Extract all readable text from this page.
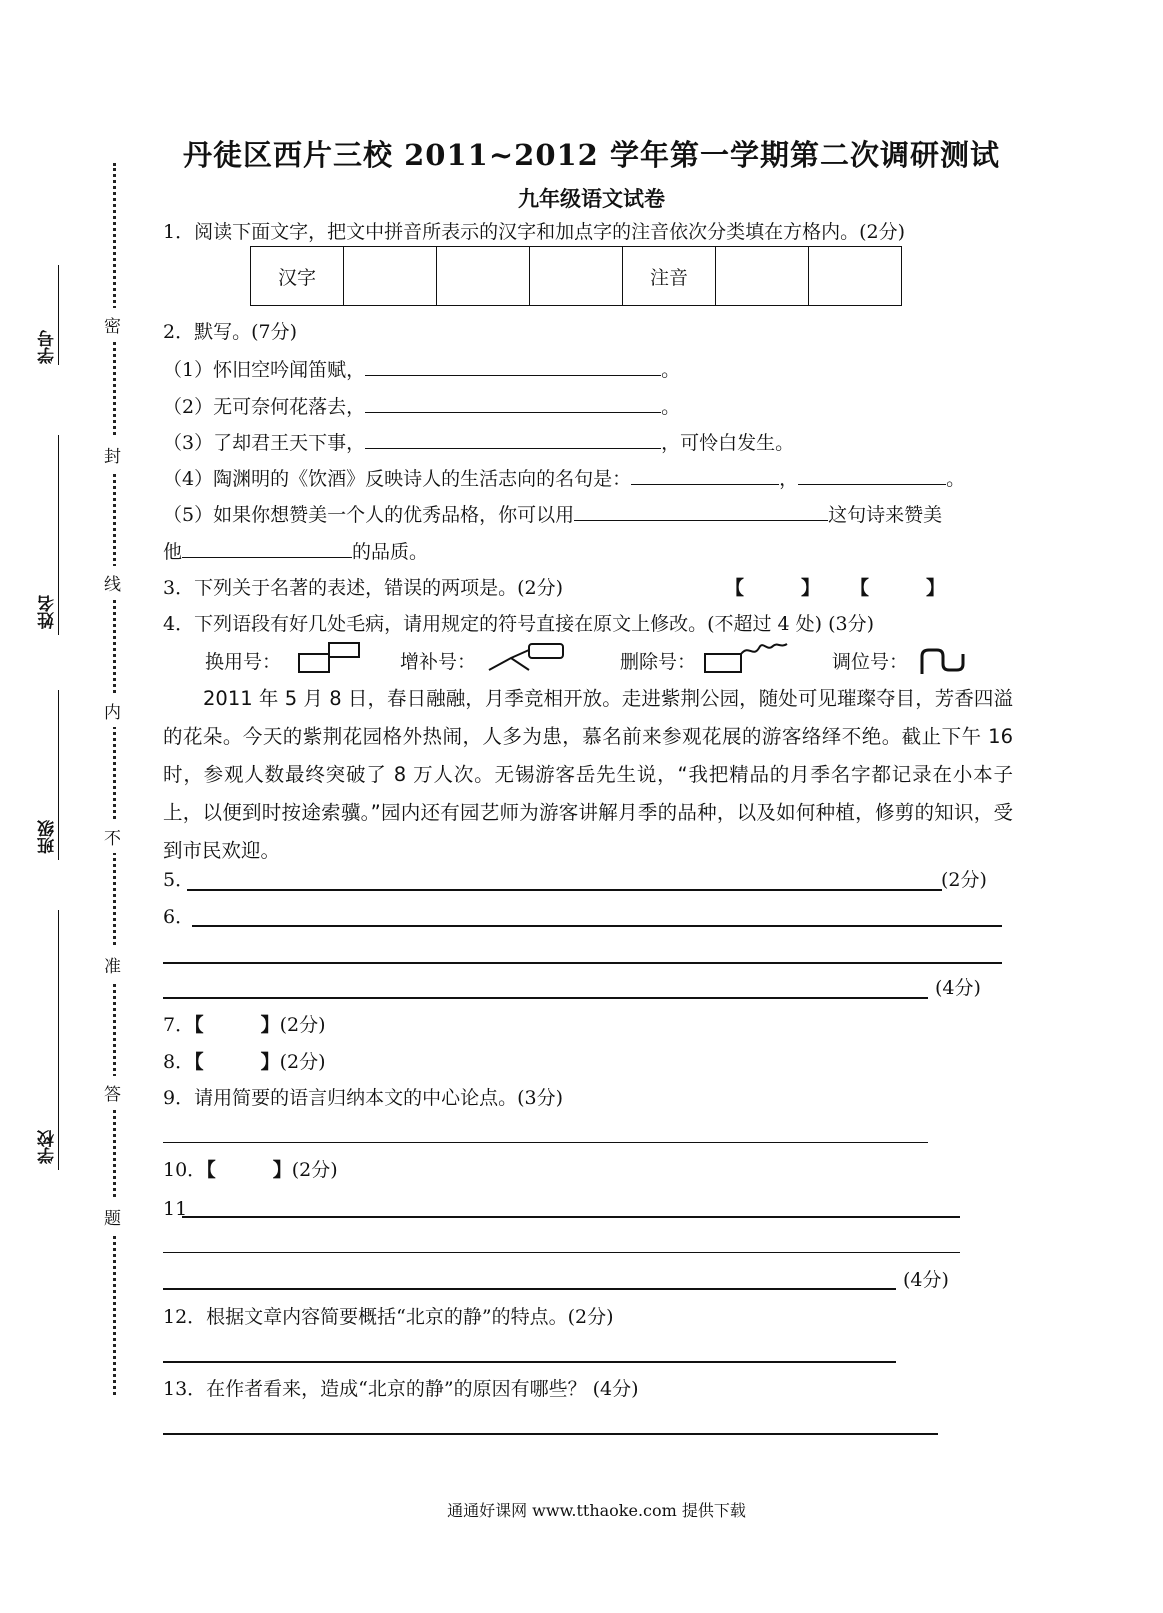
丹徒区西片三校 2011~2012 学年第一学期第二次调研测试
九年级语文试卷
学号
姓名
班级
学校
密
封
线
内
不
准
答
题
1．阅读下面文字，把文中拼音所表示的汉字和加点字的注音依次分类填在方格内。(2分)
汉字				注音		
2．默写。(7分)
（1）怀旧空吟闻笛赋，	。
（2）无可奈何花落去，	。
（3）了却君王天下事，	，可怜白发生。
（4）陶渊明的《饮酒》反映诗人的生活志向的名句是：	，	。
（5）如果你想赞美一个人的优秀品格，你可以用	这句诗来赞美
他	的品质。
3．下列关于名著的表述，错误的两项是。(2分)	【　　　】 【　　　】
4．下列语段有好几处毛病，请用规定的符号直接在原文上修改。(不超过 4 处) (3分)
换用号：	增补号：	删除号：	调位号：

2011 年 5 月 8 日，春日融融，月季竞相开放。走进紫荆公园，随处可见璀璨夺目，芳香四溢的花朵。今天的紫荆花园格外热闹，人多为患，慕名前来参观花展的游客络绎不绝。截止下午 16 时，参观人数最终突破了 8 万人次。无锡游客岳先生说，“我把精品的月季名字都记录在小本子上，以便到时按途索骥。”园内还有园艺师为游客讲解月季的品种，以及如何种植，修剪的知识，受到市民欢迎。

5．	(2分)
6．
(4分)
7．【　　　】(2分)
8．【　　　】(2分)
9．请用简要的语言归纳本文的中心论点。(3分)
10．【　　　】(2分)
11
(4分)
12．根据文章内容简要概括“北京的静”的特点。(2分)
13．在作者看来，造成“北京的静”的原因有哪些？ (4分)
通通好课网 www.tthaoke.com 提供下载
